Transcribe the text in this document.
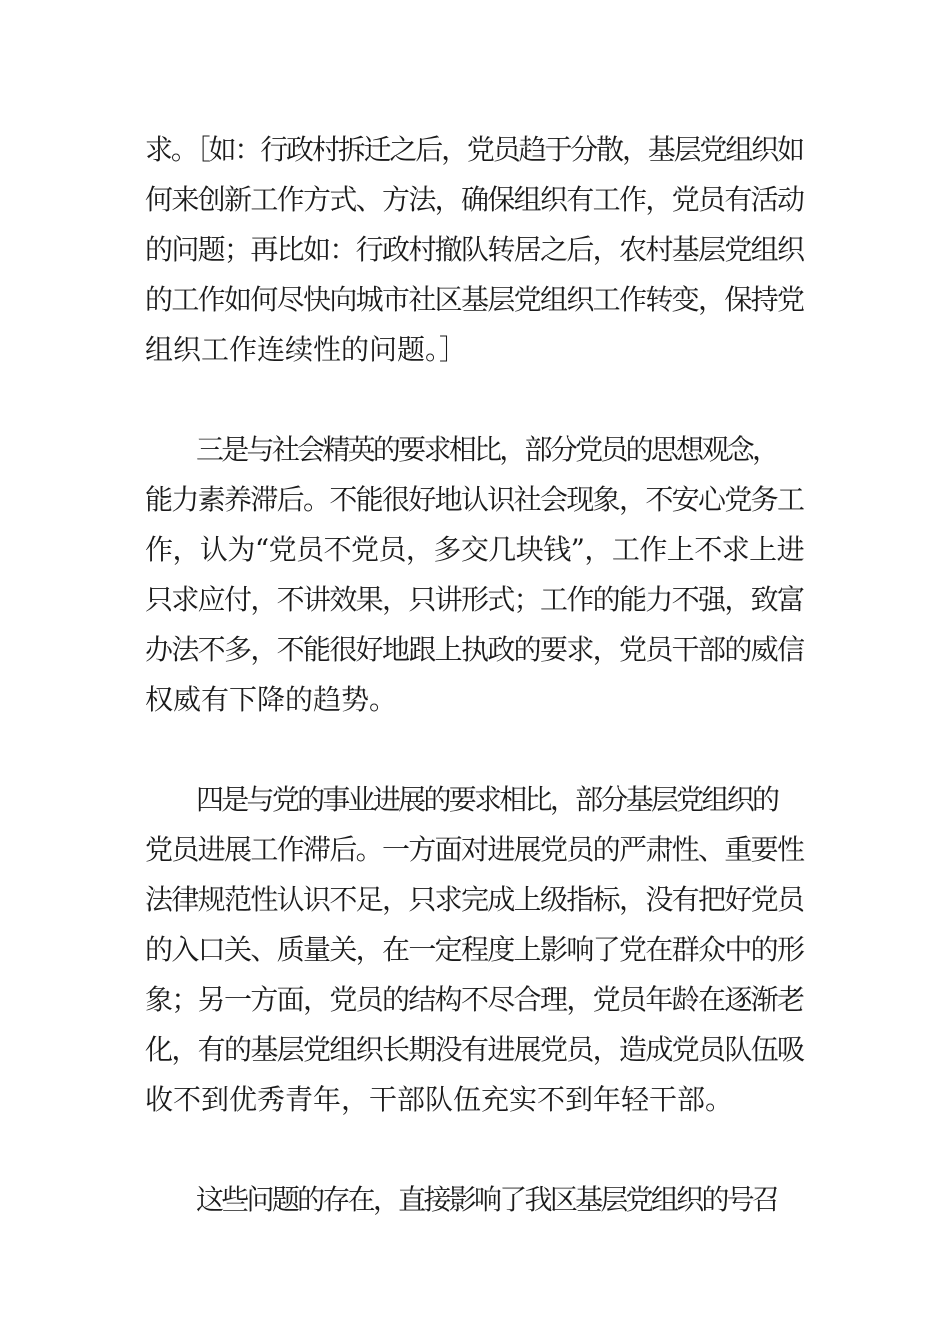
求。［如：行政村拆迁之后，党员趋于分散，基层党组织如
何来创新工作方式、方法，确保组织有工作，党员有活动
的问题；再比如：行政村撤队转居之后，农村基层党组织
的工作如何尽快向城市社区基层党组织工作转变，保持党
组织工作连续性的问题。］
三是与社会精英的要求相比，部分党员的思想观念，
能力素养滞后。不能很好地认识社会现象，不安心党务工
作，认为“党员不党员，多交几块钱”，工作上不求上进
只求应付，不讲效果，只讲形式；工作的能力不强，致富
办法不多，不能很好地跟上执政的要求，党员干部的威信
权威有下降的趋势。
四是与党的事业进展的要求相比，部分基层党组织的
党员进展工作滞后。一方面对进展党员的严肃性、重要性
法律规范性认识不足，只求完成上级指标，没有把好党员
的入口关、质量关，在一定程度上影响了党在群众中的形
象；另一方面，党员的结构不尽合理，党员年龄在逐渐老
化，有的基层党组织长期没有进展党员，造成党员队伍吸
收不到优秀青年，干部队伍充实不到年轻干部。
这些问题的存在，直接影响了我区基层党组织的号召
